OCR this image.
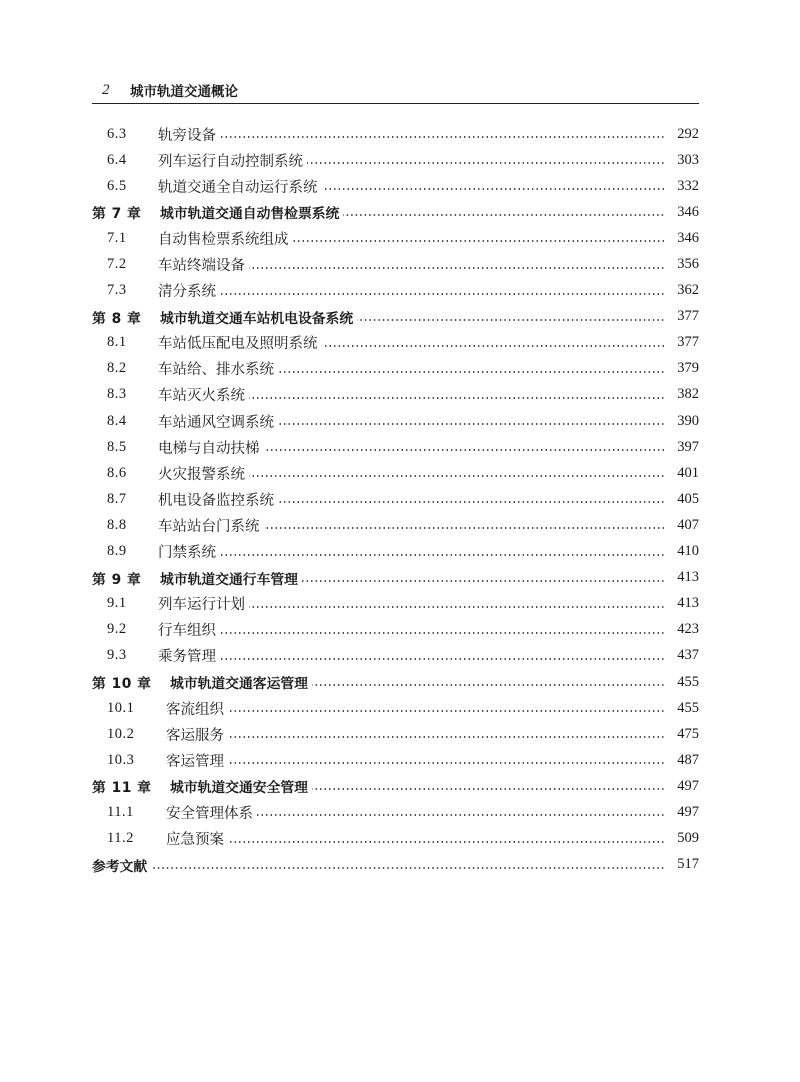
2	城市轨道交通概论
6.3	轨旁设备	292
6.4	列车运行自动控制系统	303
6.5	轨道交通全自动运行系统	332
第 7 章	城市轨道交通自动售检票系统	346
7.1	自动售检票系统组成	346
7.2	车站终端设备	356
7.3	清分系统	362
第 8 章	城市轨道交通车站机电设备系统	377
8.1	车站低压配电及照明系统	377
8.2	车站给、排水系统	379
8.3	车站灭火系统	382
8.4	车站通风空调系统	390
8.5	电梯与自动扶梯	397
8.6	火灾报警系统	401
8.7	机电设备监控系统	405
8.8	车站站台门系统	407
8.9	门禁系统	410
第 9 章	城市轨道交通行车管理	413
9.1	列车运行计划	413
9.2	行车组织	423
9.3	乘务管理	437
第 10 章	城市轨道交通客运管理	455
10.1	客流组织	455
10.2	客运服务	475
10.3	客运管理	487
第 11 章	城市轨道交通安全管理	497
11.1	安全管理体系	497
11.2	应急预案	509
参考文献	517
